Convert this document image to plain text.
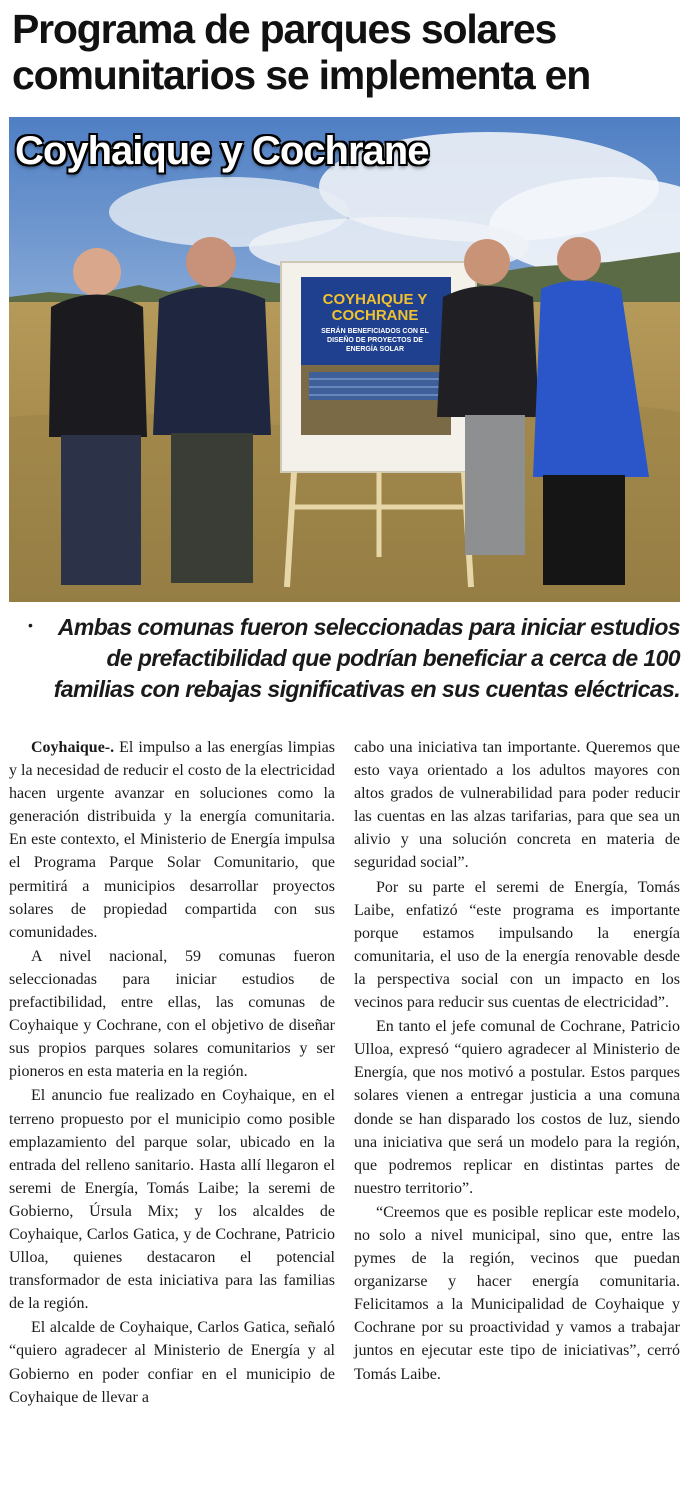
Programa de parques solares
comunitarios se implementa en
Coyhaique y Cochrane
COYHAIQUE Y COCHRANE
SERÁN BENEFICIADOS CON EL DISEÑO DE PROYECTOS DE ENERGÍA SOLAR
•	Ambas comunas fueron seleccionadas para iniciar estudios de prefactibilidad que podrían beneficiar a cerca de 100 familias con rebajas significativas en sus cuentas eléctricas.

Coyhaique-. El impulso a las energías limpias y la necesidad de reducir el costo de la electricidad hacen urgente avanzar en soluciones como la generación distribuida y la energía comunitaria. En este contexto, el Ministerio de Energía impulsa el Programa Parque Solar Comunitario, que permitirá a municipios desarrollar proyectos solares de propiedad compartida con sus comunidades.

A nivel nacional, 59 comunas fueron seleccionadas para iniciar estudios de prefactibilidad, entre ellas, las comunas de Coyhaique y Cochrane, con el objetivo de diseñar sus propios parques solares comunitarios y ser pioneros en esta materia en la región.

El anuncio fue realizado en Coyhaique, en el terreno propuesto por el municipio como posible emplazamiento del parque solar, ubicado en la entrada del relleno sanitario. Hasta allí llegaron el seremi de Energía, Tomás Laibe; la seremi de Gobierno, Úrsula Mix; y los alcaldes de Coyhaique, Carlos Gatica, y de Cochrane, Patricio Ulloa, quienes destacaron el potencial transformador de esta iniciativa para las familias de la región.

El alcalde de Coyhaique, Carlos Gatica, señaló “quiero agradecer al Ministerio de Energía y al Gobierno en poder confiar en el municipio de Coyhaique de llevar a

cabo una iniciativa tan importante. Queremos que esto vaya orientado a los adultos mayores con altos grados de vulnerabilidad para poder reducir las cuentas en las alzas tarifarias, para que sea un alivio y una solución concreta en materia de seguridad social”.

Por su parte el seremi de Energía, Tomás Laibe, enfatizó “este programa es importante porque estamos impulsando la energía comunitaria, el uso de la energía renovable desde la perspectiva social con un impacto en los vecinos para reducir sus cuentas de electricidad”.

En tanto el jefe comunal de Cochrane, Patricio Ulloa, expresó “quiero agradecer al Ministerio de Energía, que nos motivó a postular. Estos parques solares vienen a entregar justicia a una comuna donde se han disparado los costos de luz, siendo una iniciativa que será un modelo para la región, que podremos replicar en distintas partes de nuestro territorio”.

“Creemos que es posible replicar este modelo, no solo a nivel municipal, sino que, entre las pymes de la región, vecinos que puedan organizarse y hacer energía comunitaria. Felicitamos a la Municipalidad de Coyhaique y Cochrane por su proactividad y vamos a trabajar juntos en ejecutar este tipo de iniciativas”, cerró Tomás Laibe.
